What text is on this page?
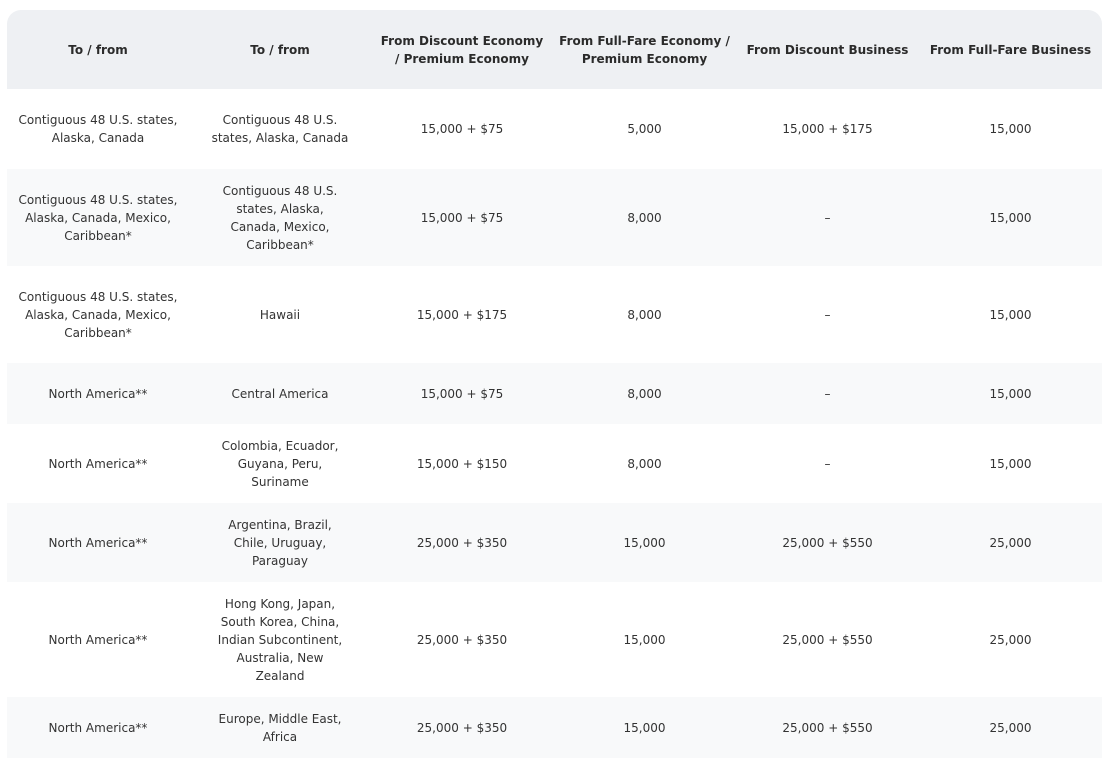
To / from	To / from	From Discount Economy / Premium Economy	From Full-Fare Economy / Premium Economy	From Discount Business	From Full-Fare Business
Contiguous 48 U.S. states, Alaska, Canada	Contiguous 48 U.S. states, Alaska, Canada	15,000 + $75	5,000	15,000 + $175	15,000
Contiguous 48 U.S. states, Alaska, Canada, Mexico, Caribbean*	Contiguous 48 U.S. states, Alaska, Canada, Mexico, Caribbean*	15,000 + $75	8,000	–	15,000
Contiguous 48 U.S. states, Alaska, Canada, Mexico, Caribbean*	Hawaii	15,000 + $175	8,000	–	15,000
North America**	Central America	15,000 + $75	8,000	–	15,000
North America**	Colombia, Ecuador, Guyana, Peru, Suriname	15,000 + $150	8,000	–	15,000
North America**	Argentina, Brazil, Chile, Uruguay, Paraguay	25,000 + $350	15,000	25,000 + $550	25,000
North America**	Hong Kong, Japan, South Korea, China, Indian Subcontinent, Australia, New Zealand	25,000 + $350	15,000	25,000 + $550	25,000
North America**	Europe, Middle East, Africa	25,000 + $350	15,000	25,000 + $550	25,000
